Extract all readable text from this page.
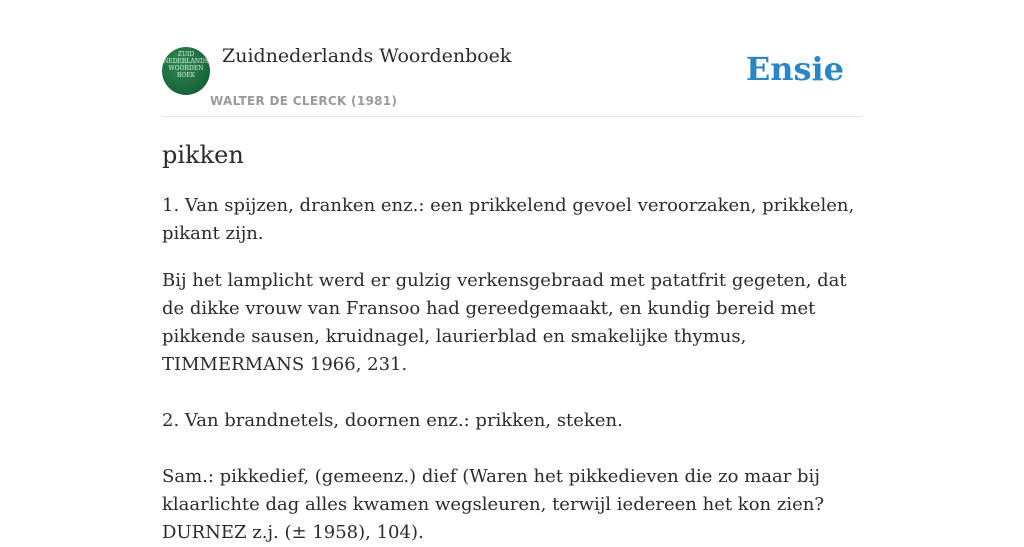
ZUID
NEDERLANDS
WOORDEN
BOEK
Zuidnederlands Woordenboek
WALTER DE CLERCK (1981)
Ensie
pikken

1. Van spijzen, dranken enz.: een prikkelend gevoel veroorzaken, prikkelen, pikant zijn.

Bij het lamplicht werd er gulzig verkensgebraad met patatfrit gegeten, dat de dikke vrouw van Fransoo had gereedgemaakt, en kundig bereid met pikkende sausen, kruidnagel, laurierblad en smakelijke thymus, TIMMERMANS 1966, 231.

2. Van brandnetels, doornen enz.: prikken, steken.

Sam.: pikkedief, (gemeenz.) dief (Waren het pikkedieven die zo maar bij klaarlichte dag alles kwamen wegsleuren, terwijl iedereen het kon zien? DURNEZ z.j. (± 1958), 104).
